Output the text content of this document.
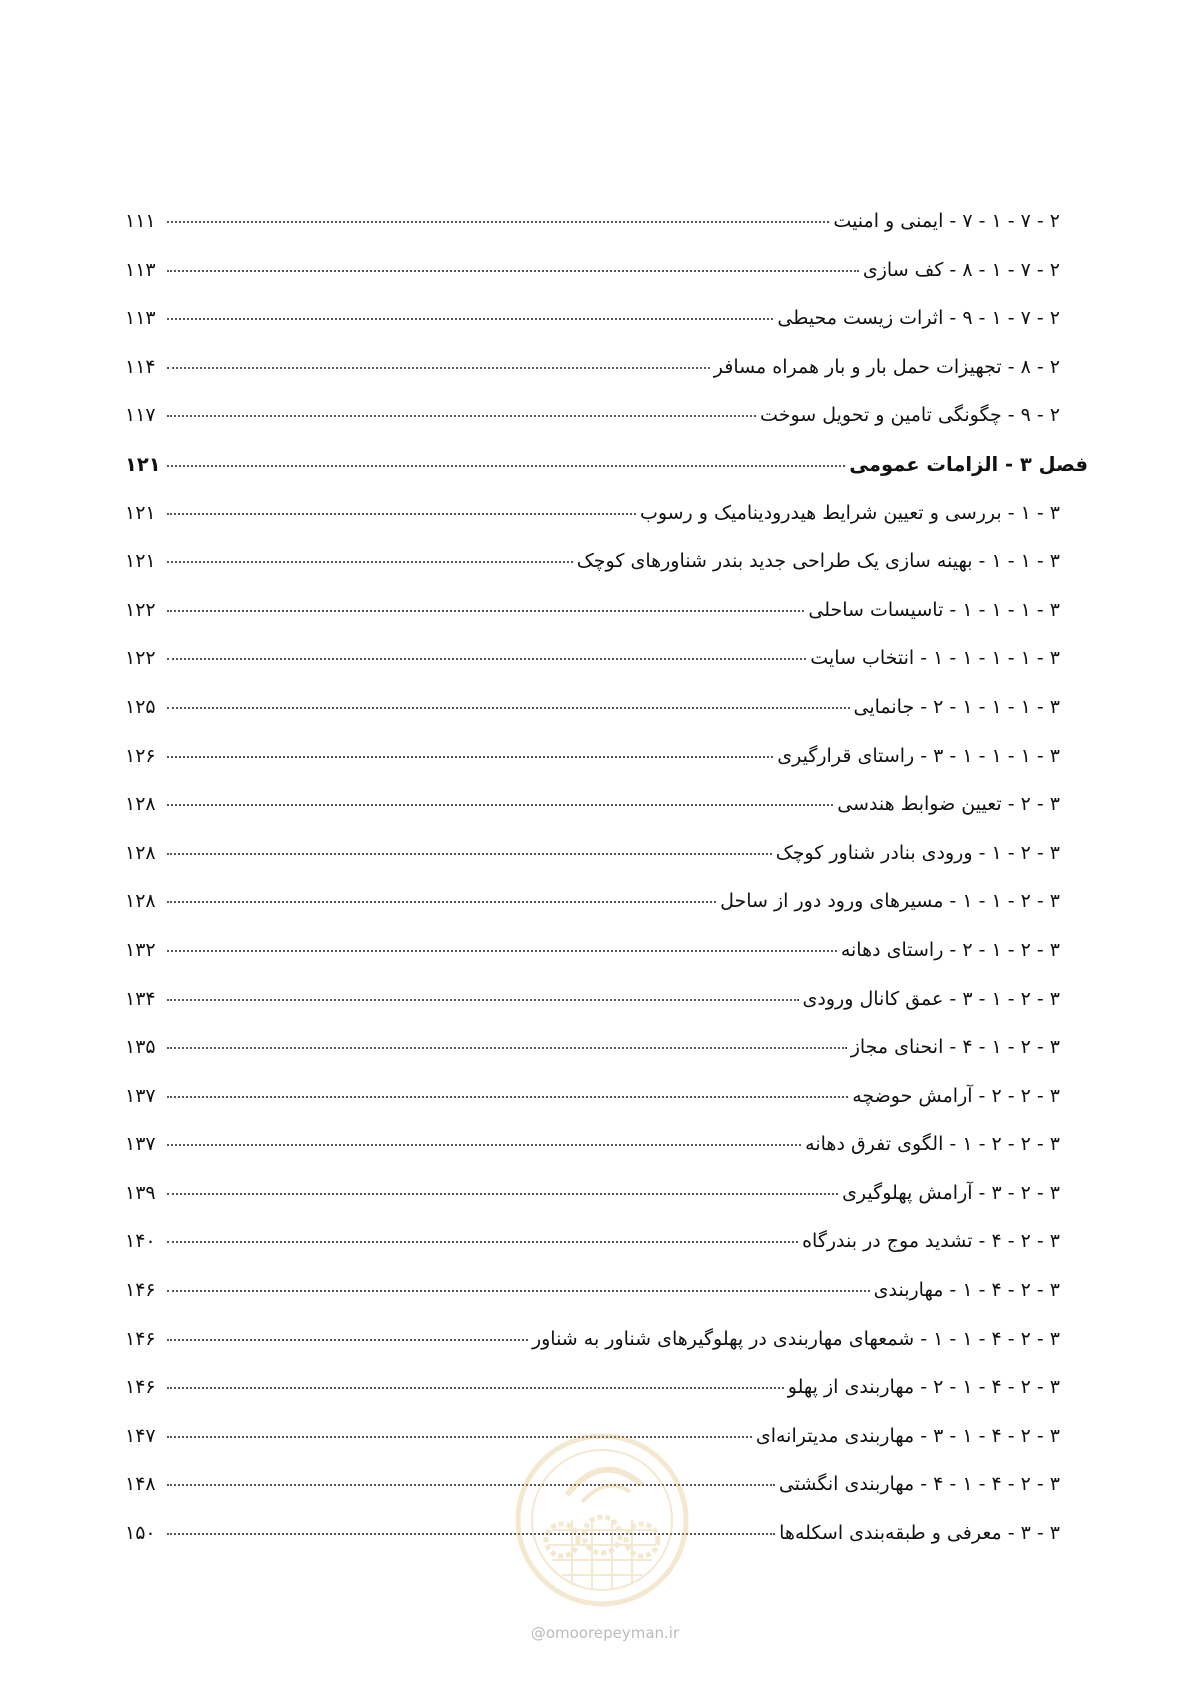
۲ - ۷ - ۱ - ۷ - ایمنی و امنیت
۱۱۱
۲ - ۷ - ۱ - ۸ - کف سازی
۱۱۳
۲ - ۷ - ۱ - ۹ - اثرات زیست محیطی
۱۱۳
۲ - ۸ - تجهیزات حمل بار و بار همراه مسافر
۱۱۴
۲ - ۹ - چگونگی تامین و تحویل سوخت
۱۱۷
فصل ۳ - الزامات عمومی
۱۲۱
۳ - ۱ - بررسی و تعیین شرایط هیدرودینامیک و رسوب
۱۲۱
۳ - ۱ - ۱ - بهینه سازی یک طراحی جدید بندر شناورهای کوچک
۱۲۱
۳ - ۱ - ۱ - ۱ - تاسیسات ساحلی
۱۲۲
۳ - ۱ - ۱ - ۱ - ۱ - انتخاب سایت
۱۲۲
۳ - ۱ - ۱ - ۱ - ۲ - جانمایی
۱۲۵
۳ - ۱ - ۱ - ۱ - ۳ - راستای قرارگیری
۱۲۶
۳ - ۲ - تعیین ضوابط هندسی
۱۲۸
۳ - ۲ - ۱ - ورودی بنادر شناور کوچک
۱۲۸
۳ - ۲ - ۱ - ۱ - مسیرهای ورود دور از ساحل
۱۲۸
۳ - ۲ - ۱ - ۲ - راستای دهانه
۱۳۲
۳ - ۲ - ۱ - ۳ - عمق کانال ورودی
۱۳۴
۳ - ۲ - ۱ - ۴ - انحنای مجاز
۱۳۵
۳ - ۲ - ۲ - آرامش حوضچه
۱۳۷
۳ - ۲ - ۲ - ۱ - الگوی تفرق دهانه
۱۳۷
۳ - ۲ - ۳ - آرامش پهلوگیری
۱۳۹
۳ - ۲ - ۴ - تشدید موج در بندرگاه
۱۴۰
۳ - ۲ - ۴ - ۱ - مهاربندی
۱۴۶
۳ - ۲ - ۴ - ۱ - ۱ - شمعهای مهاربندی در پهلوگیرهای شناور به شناور
۱۴۶
۳ - ۲ - ۴ - ۱ - ۲ - مهاربندی از پهلو
۱۴۶
۳ - ۲ - ۴ - ۱ - ۳ - مهاربندی مدیترانه‌ای
۱۴۷
۳ - ۲ - ۴ - ۱ - ۴ - مهاربندی انگشتی
۱۴۸
۳ - ۳ - معرفی و طبقه‌بندی اسکله‌ها
۱۵۰
@omoorepeyman.ir
